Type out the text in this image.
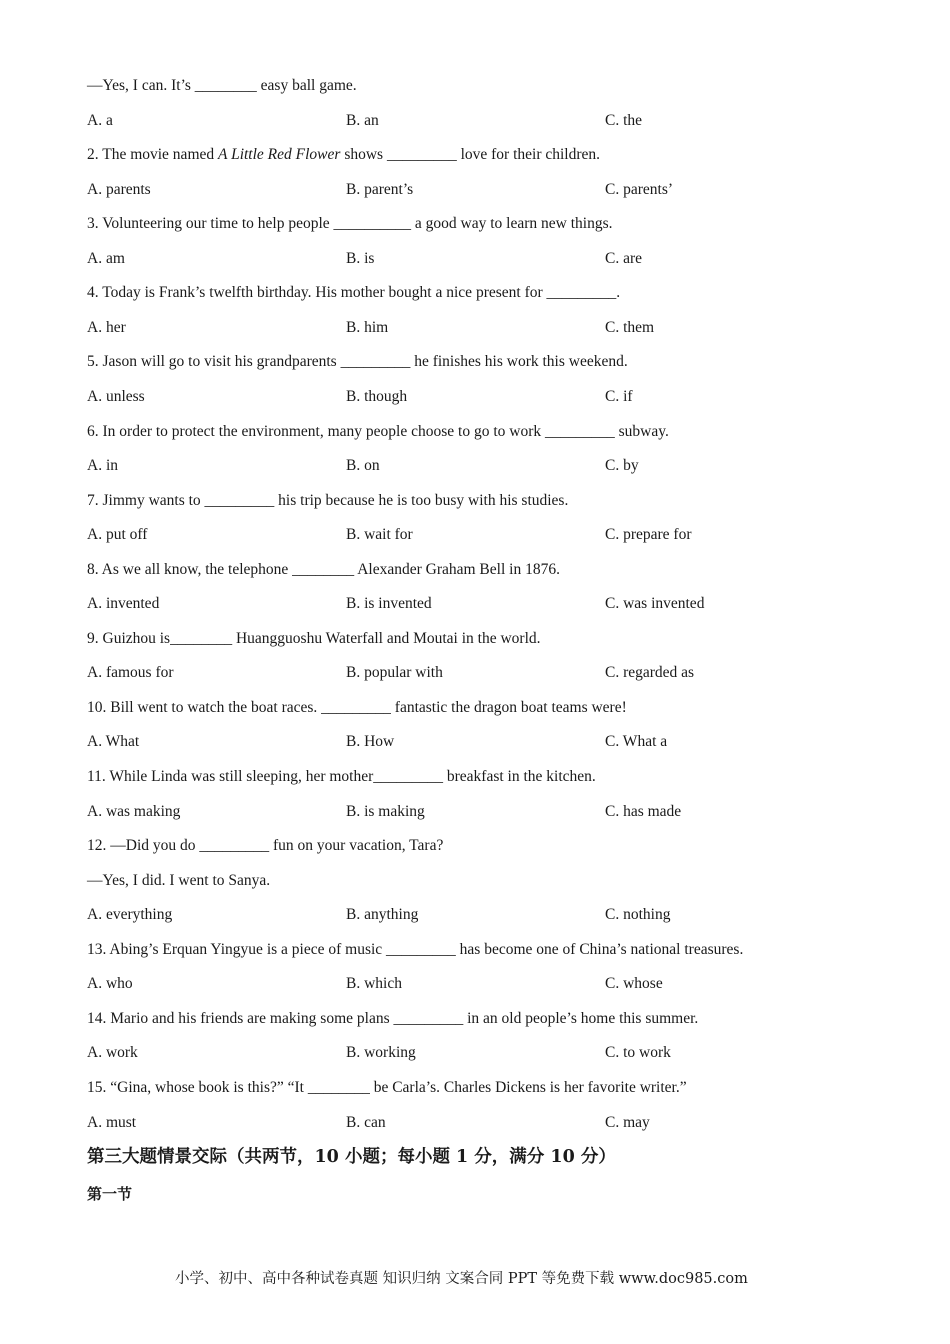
—Yes, I can. It’s ________ easy ball game.
A. a	B. an	C. the
2. The movie named A Little Red Flower shows _________ love for their children.
A. parents	B. parent’s	C. parents’
3. Volunteering our time to help people __________ a good way to learn new things.
A. am	B. is	C. are
4. Today is Frank’s twelfth birthday. His mother bought a nice present for _________.
A. her	B. him	C. them
5. Jason will go to visit his grandparents _________ he finishes his work this weekend.
A. unless	B. though	C. if
6. In order to protect the environment, many people choose to go to work _________ subway.
A. in	B. on	C. by
7. Jimmy wants to _________ his trip because he is too busy with his studies.
A. put off	B. wait for	C. prepare for
8. As we all know, the telephone ________ Alexander Graham Bell in 1876.
A. invented	B. is invented	C. was invented
9. Guizhou is________ Huangguoshu Waterfall and Moutai in the world.
A. famous for	B. popular with	C. regarded as
10. Bill went to watch the boat races. _________ fantastic the dragon boat teams were!
A. What	B. How	C. What a
11. While Linda was still sleeping, her mother_________ breakfast in the kitchen.
A. was making	B. is making	C. has made
12. —Did you do _________ fun on your vacation, Tara?
—Yes, I did. I went to Sanya.
A. everything	B. anything	C. nothing
13. Abing’s Erquan Yingyue is a piece of music _________ has become one of China’s national treasures.
A. who	B. which	C. whose
14. Mario and his friends are making some plans _________ in an old people’s home this summer.
A. work	B. working	C. to work
15. “Gina, whose book is this?” “It ________ be Carla’s. Charles Dickens is her favorite writer.”
A. must	B. can	C. may
第三大题情景交际（共两节，10 小题；每小题 1 分，满分 10 分）
第一节
小学、初中、高中各种试卷真题 知识归纳 文案合同 PPT 等免费下载 www.doc985.com
